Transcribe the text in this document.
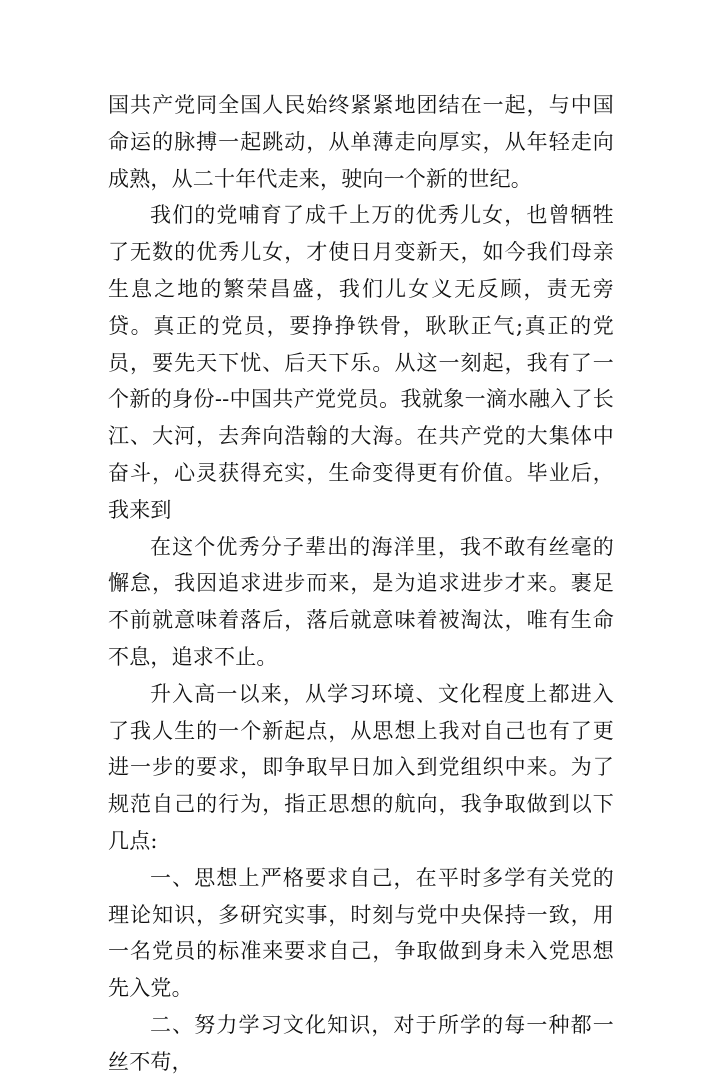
国共产党同全国人民始终紧紧地团结在一起，与中国命运的脉搏一起跳动，从单薄走向厚实，从年轻走向成熟，从二十年代走来，驶向一个新的世纪。

我们的党哺育了成千上万的优秀儿女，也曾牺牲了无数的优秀儿女，才使日月变新天，如今我们母亲生息之地的繁荣昌盛，我们儿女义无反顾，责无旁贷。真正的党员，要挣挣铁骨，耿耿正气;真正的党员，要先天下忧、后天下乐。从这一刻起，我有了一个新的身份--中国共产党党员。我就象一滴水融入了长江、大河，去奔向浩翰的大海。在共产党的大集体中奋斗，心灵获得充实，生命变得更有价值。毕业后，我来到

在这个优秀分子辈出的海洋里，我不敢有丝毫的懈怠，我因追求进步而来，是为追求进步才来。裹足不前就意味着落后，落后就意味着被淘汰，唯有生命不息，追求不止。

升入高一以来，从学习环境、文化程度上都进入了我人生的一个新起点，从思想上我对自己也有了更进一步的要求，即争取早日加入到党组织中来。为了规范自己的行为，指正思想的航向，我争取做到以下几点:

一、思想上严格要求自己，在平时多学有关党的理论知识，多研究实事，时刻与党中央保持一致，用一名党员的标准来要求自己，争取做到身未入党思想先入党。

二、努力学习文化知识，对于所学的每一种都一丝不苟，
